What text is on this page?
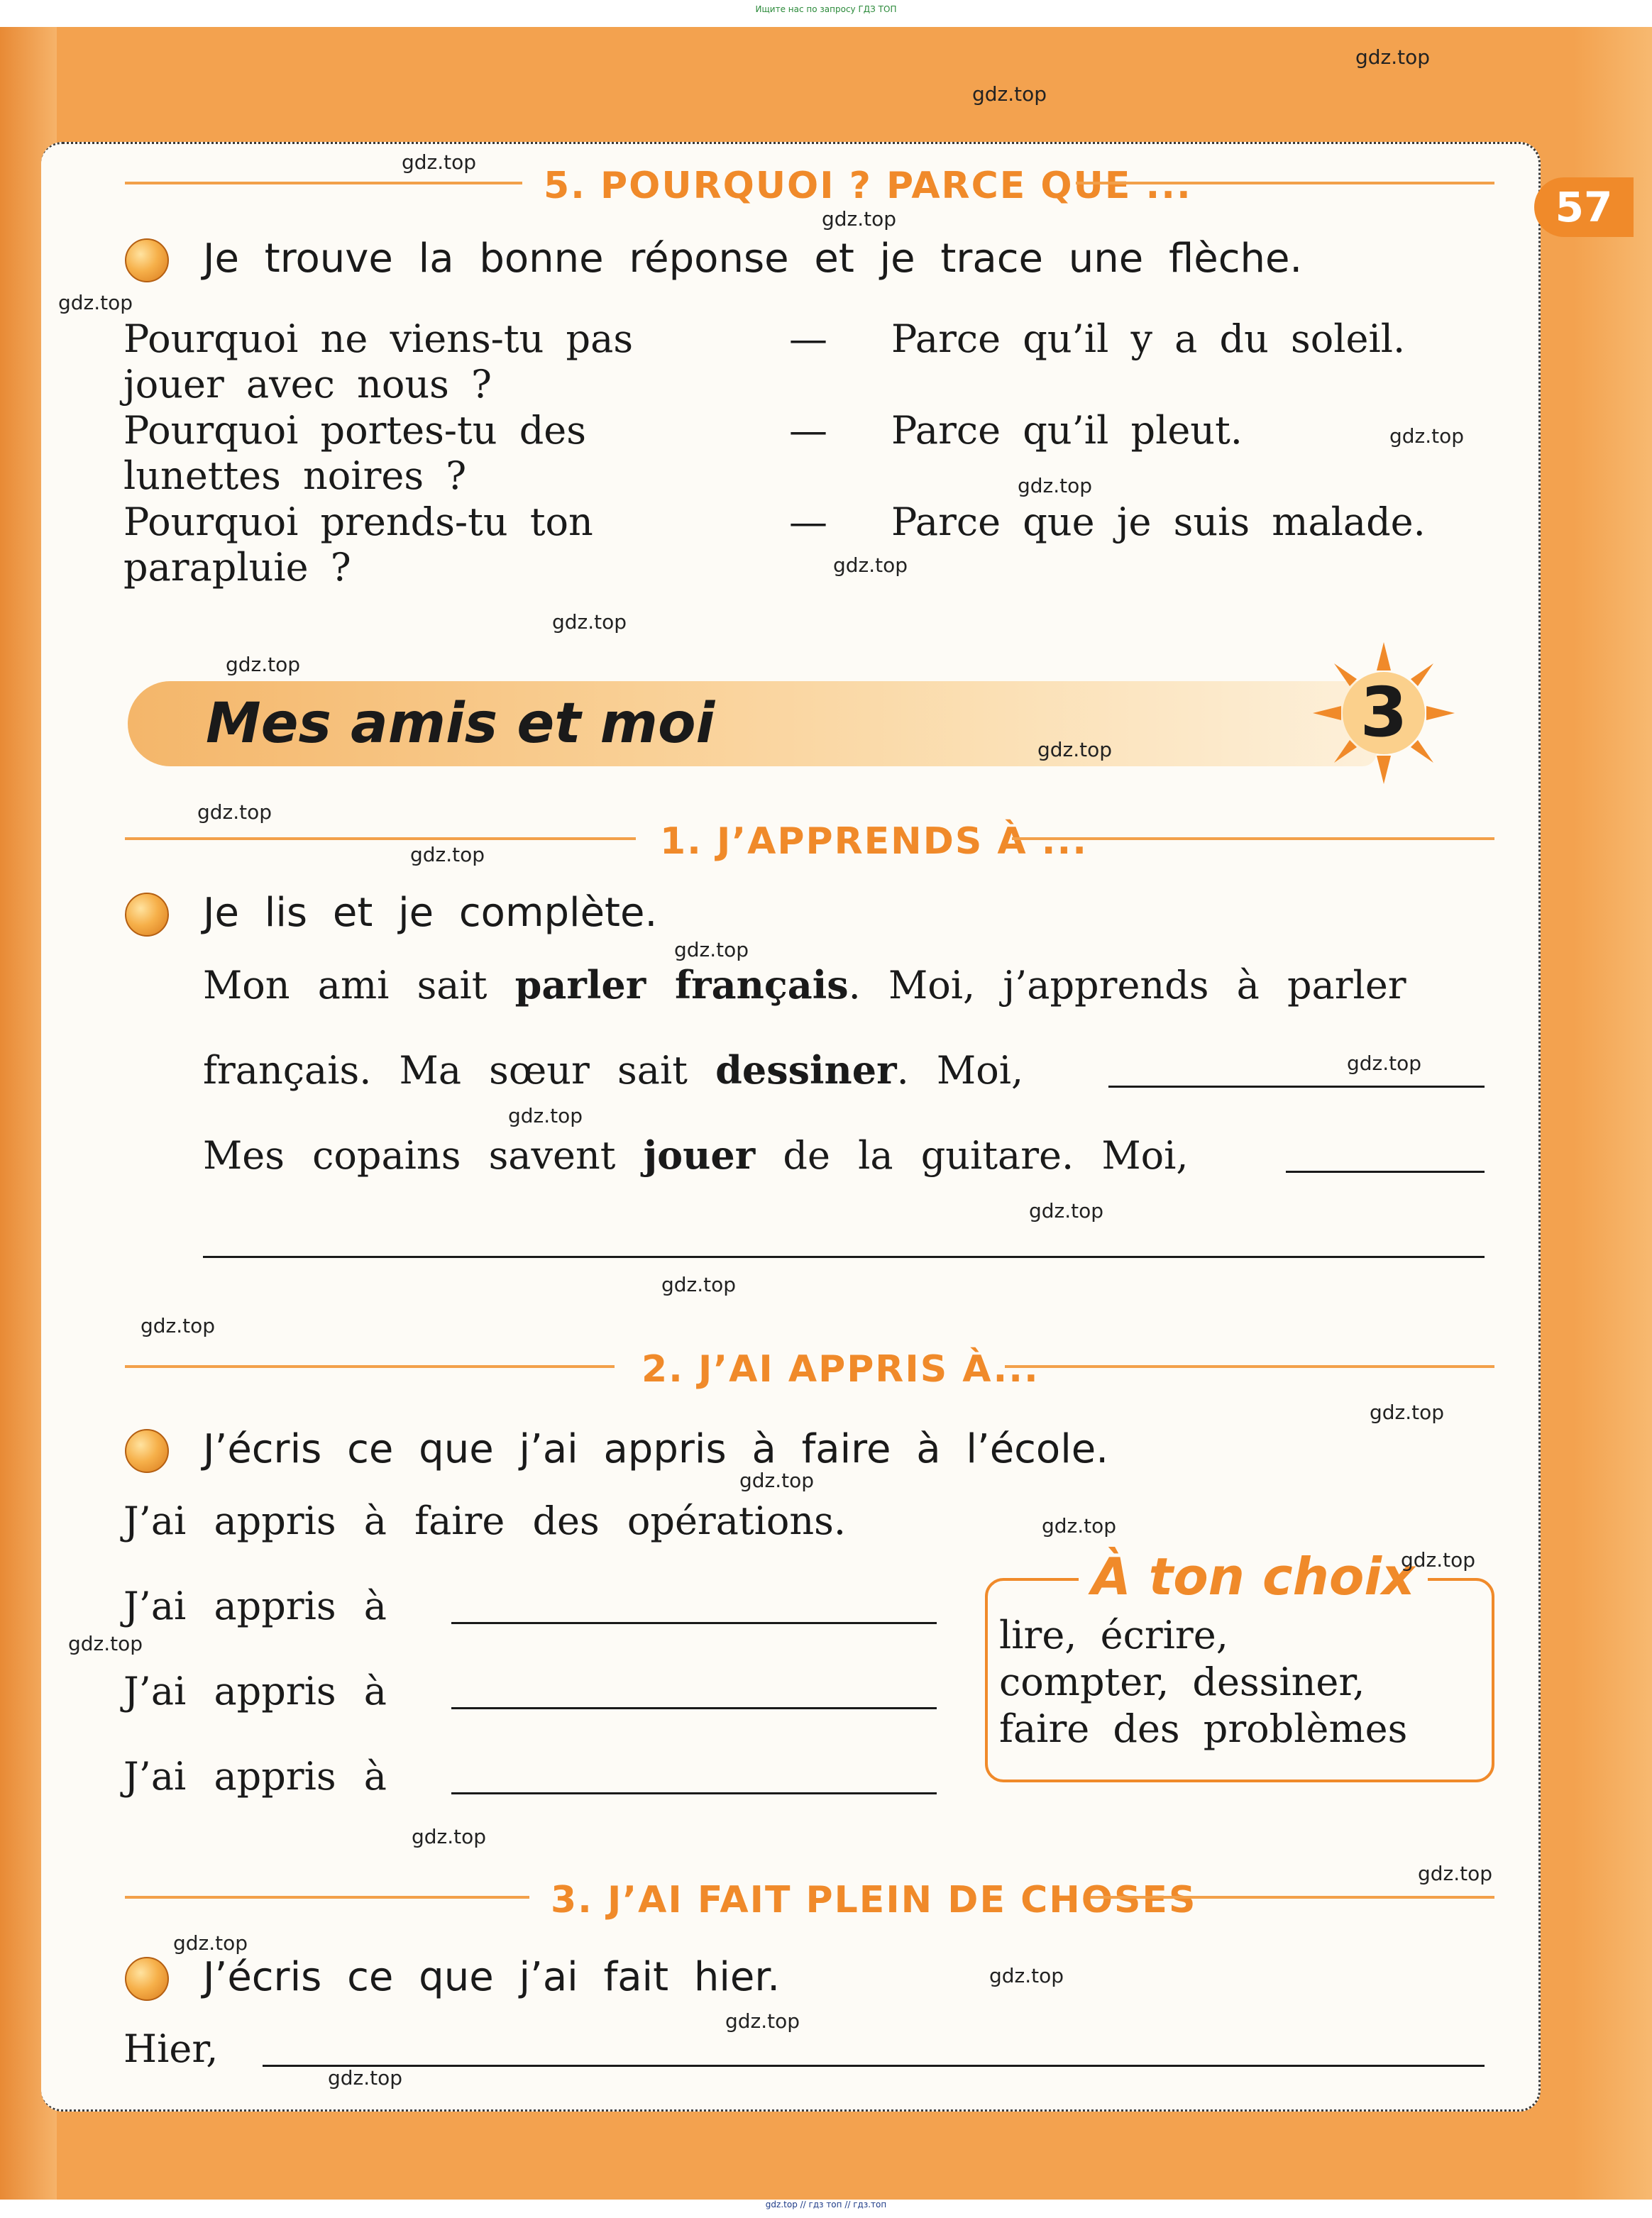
Ищите нас по запросу ГДЗ ТОП
57
5. POURQUOI ? PARCE QUE ...
Je trouve la bonne réponse et je trace une flèche.
Pourquoi ne viens-tu pas
jouer avec nous ?
Pourquoi portes-tu des
lunettes noires ?
Pourquoi prends-tu ton
parapluie ?
—
—
—
Parce qu’il y a du soleil.
Parce qu’il pleut.
Parce que je suis malade.
Mes amis et moi	3
1. J’APPRENDS À ...
Je lis et je complète.
Mon ami sait parler français. Moi, j’apprends à parler
français. Ma sœur sait dessiner. Moi,
Mes copains savent jouer de la guitare. Moi,
2. J’AI APPRIS À...
J’écris ce que j’ai appris à faire à l’école.
J’ai appris à faire des opérations.
J’ai appris à
J’ai appris à
J’ai appris à
À ton choix
lire, écrire,
compter, dessiner,
faire des problèmes
3. J’AI FAIT PLEIN DE CHOSES
J’écris ce que j’ai fait hier.
Hier,
gdz.top
gdz.top
gdz.top
gdz.top
gdz.top
gdz.top
gdz.top
gdz.top
gdz.top
gdz.top
gdz.top
gdz.top
gdz.top
gdz.top
gdz.top
gdz.top
gdz.top
gdz.top
gdz.top
gdz.top
gdz.top
gdz.top
gdz.top
gdz.top
gdz.top
gdz.top
gdz.top
gdz.top
gdz.top
gdz.top
gdz.top // гдз топ // гдз.топ
